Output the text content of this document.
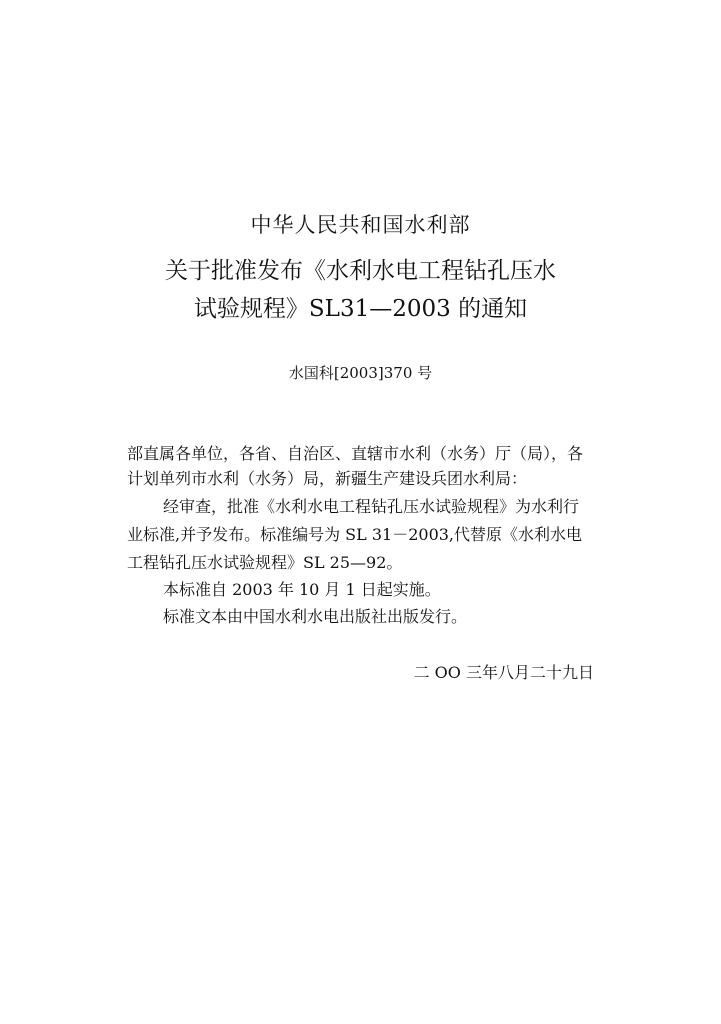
中华人民共和国水利部
关于批准发布《水利水电工程钻孔压水
试验规程》SL31—2003 的通知
水国科[2003]370 号
部直属各单位，各省、自治区、直辖市水利（水务）厅（局），各
计划单列市水利（水务）局，新疆生产建设兵团水利局：
经审查，批准《水利水电工程钻孔压水试验规程》为水利行
业标准,并予发布。标准编号为 SL 31－2003,代替原《水利水电
工程钻孔压水试验规程》SL 25—92。
本标准自 2003 年 10 月 1 日起实施。
标准文本由中国水利水电出版社出版发行。
二 OO 三年八月二十九日
